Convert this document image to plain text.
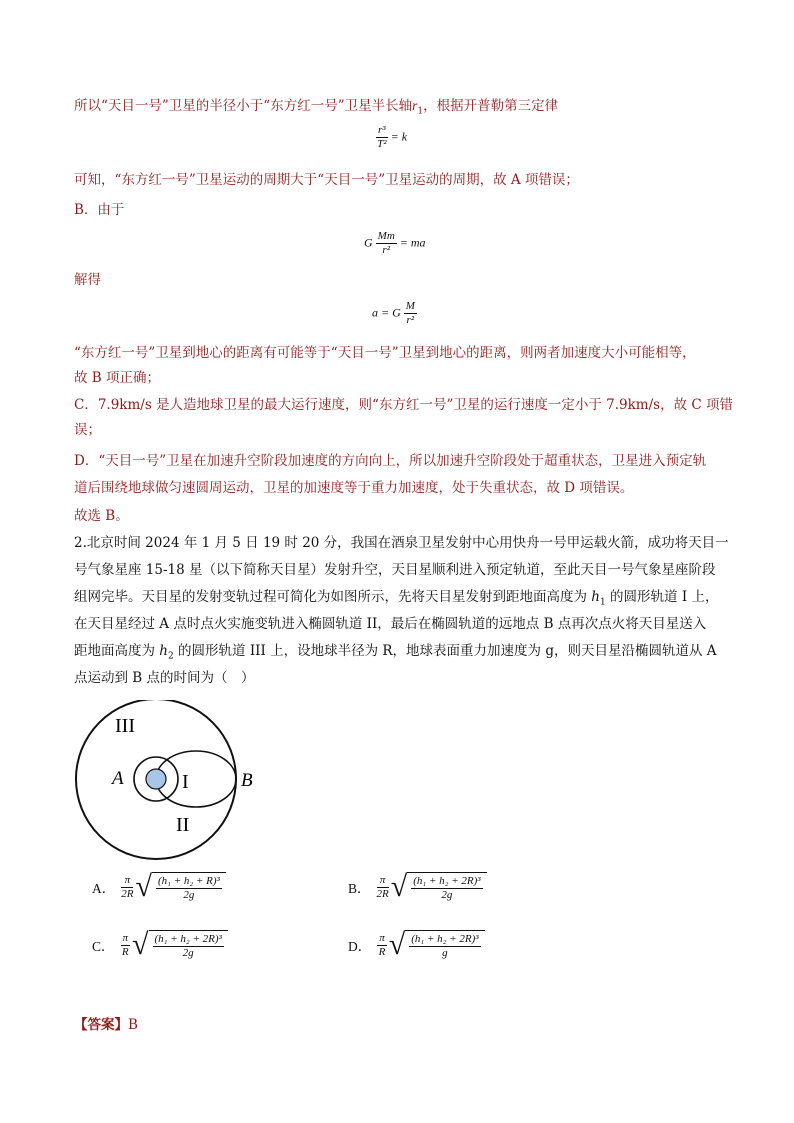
所以“天目一号”卫星的半径小于“东方红一号”卫星半长轴$r_1$，根据开普勒第三定律
$\frac{\text{r³}}{\text{T²}} = k$
可知，“东方红一号”卫星运动的周期大于“天目一号”卫星运动的周期，故 A 项错误；
B．由于
G $\frac{Mm}{\text{r²}}$ = ma
解得
a = G $\frac{M}{\text{r²}}$
“东方红一号”卫星到地心的距离有可能等于“天目一号”卫星到地心的距离，则两者加速度大小可能相等，
故 B 项正确；
C．7.9km/s 是人造地球卫星的最大运行速度，则“东方红一号”卫星的运行速度一定小于 7.9km/s，故 C 项错
误；
D．“天目一号”卫星在加速升空阶段加速度的方向向上，所以加速升空阶段处于超重状态，卫星进入预定轨
道后围绕地球做匀速圆周运动，卫星的加速度等于重力加速度，处于失重状态，故 D 项错误。
故选 B。
2.北京时间 2024 年 1 月 5 日 19 时 20 分，我国在酒泉卫星发射中心用快舟一号甲运载火箭，成功将天目一
号气象星座 15-18 星（以下简称天目星）发射升空，天目星顺利进入预定轨道，至此天目一号气象星座阶段
组网完毕。天目星的发射变轨过程可简化为如图所示，先将天目星发射到距地面高度为 $h_1$ 的圆形轨道 I 上，
在天目星经过 A 点时点火实施变轨进入椭圆轨道 II，最后在椭圆轨道的远地点 B 点再次点火将天目星送入
距地面高度为 $h_2$ 的圆形轨道 III 上，设地球半径为 R，地球表面重力加速度为 g，则天目星沿椭圆轨道从 A
点运动到 B 点的时间为（　）
III
I
II
A	B
A． $\frac{\pi}{2R}$ √ $\frac{\text{(h₁ + h₂ + R)³}}{2g}$	B． $\frac{\pi}{2R}$ √ $\frac{\text{(h₁ + h₂ + 2R)³}}{2g}$
C． $\frac{\pi}{R}$ √ $\frac{\text{(h₁ + h₂ + 2R)³}}{2g}$	D． $\frac{\pi}{R}$ √ $\frac{\text{(h₁ + h₂ + 2R)³}}{g}$
【答案】B
